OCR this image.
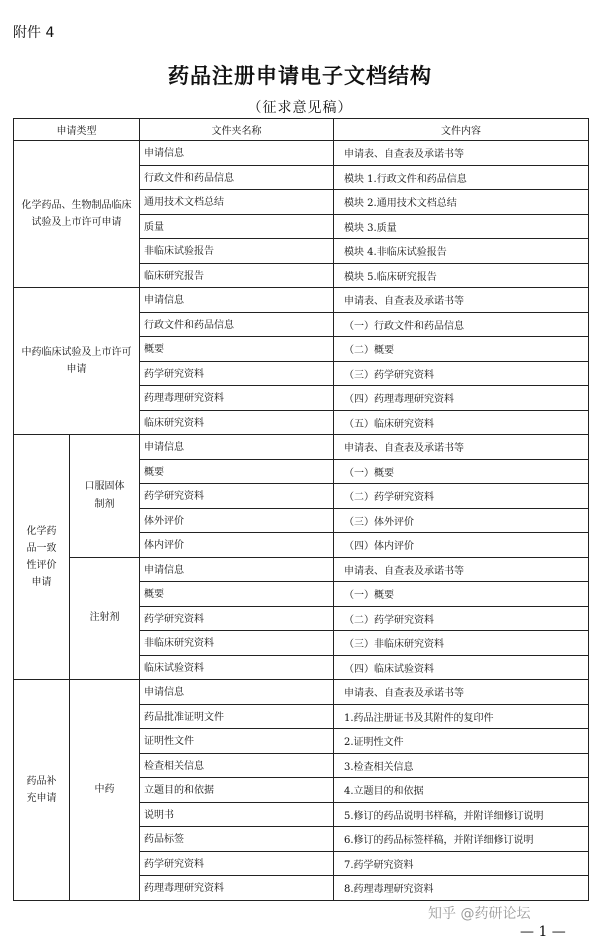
附件 4
药品注册申请电子文档结构
（征求意见稿）
申请类型		文件夹名称	文件内容
化学药品、生物制品临床试验及上市许可申请		申请信息	申请表、自查表及承诺书等
		行政文件和药品信息	模块 1.行政文件和药品信息
		通用技术文档总结	模块 2.通用技术文档总结
		质量	模块 3.质量
		非临床试验报告	模块 4.非临床试验报告
		临床研究报告	模块 5.临床研究报告
中药临床试验及上市许可申请		申请信息	申请表、自查表及承诺书等
		行政文件和药品信息	（一）行政文件和药品信息
		概要	（二）概要
		药学研究资料	（三）药学研究资料
		药理毒理研究资料	（四）药理毒理研究资料
		临床研究资料	（五）临床研究资料
化学药品一致性评价申请	口服固体制剂	申请信息	申请表、自查表及承诺书等
		概要	（一）概要
		药学研究资料	（二）药学研究资料
		体外评价	（三）体外评价
		体内评价	（四）体内评价
	注射剂	申请信息	申请表、自查表及承诺书等
		概要	（一）概要
		药学研究资料	（二）药学研究资料
		非临床研究资料	（三）非临床研究资料
		临床试验资料	（四）临床试验资料
药品补充申请	中药	申请信息	申请表、自查表及承诺书等
		药品批准证明文件	1.药品注册证书及其附件的复印件
		证明性文件	2.证明性文件
		检查相关信息	3.检查相关信息
		立题目的和依据	4.立题目的和依据
		说明书	5.修订的药品说明书样稿，并附详细修订说明
		药品标签	6.修订的药品标签样稿，并附详细修订说明
		药学研究资料	7.药学研究资料
		药理毒理研究资料	8.药理毒理研究资料
知乎 @药研论坛
— 1 —
